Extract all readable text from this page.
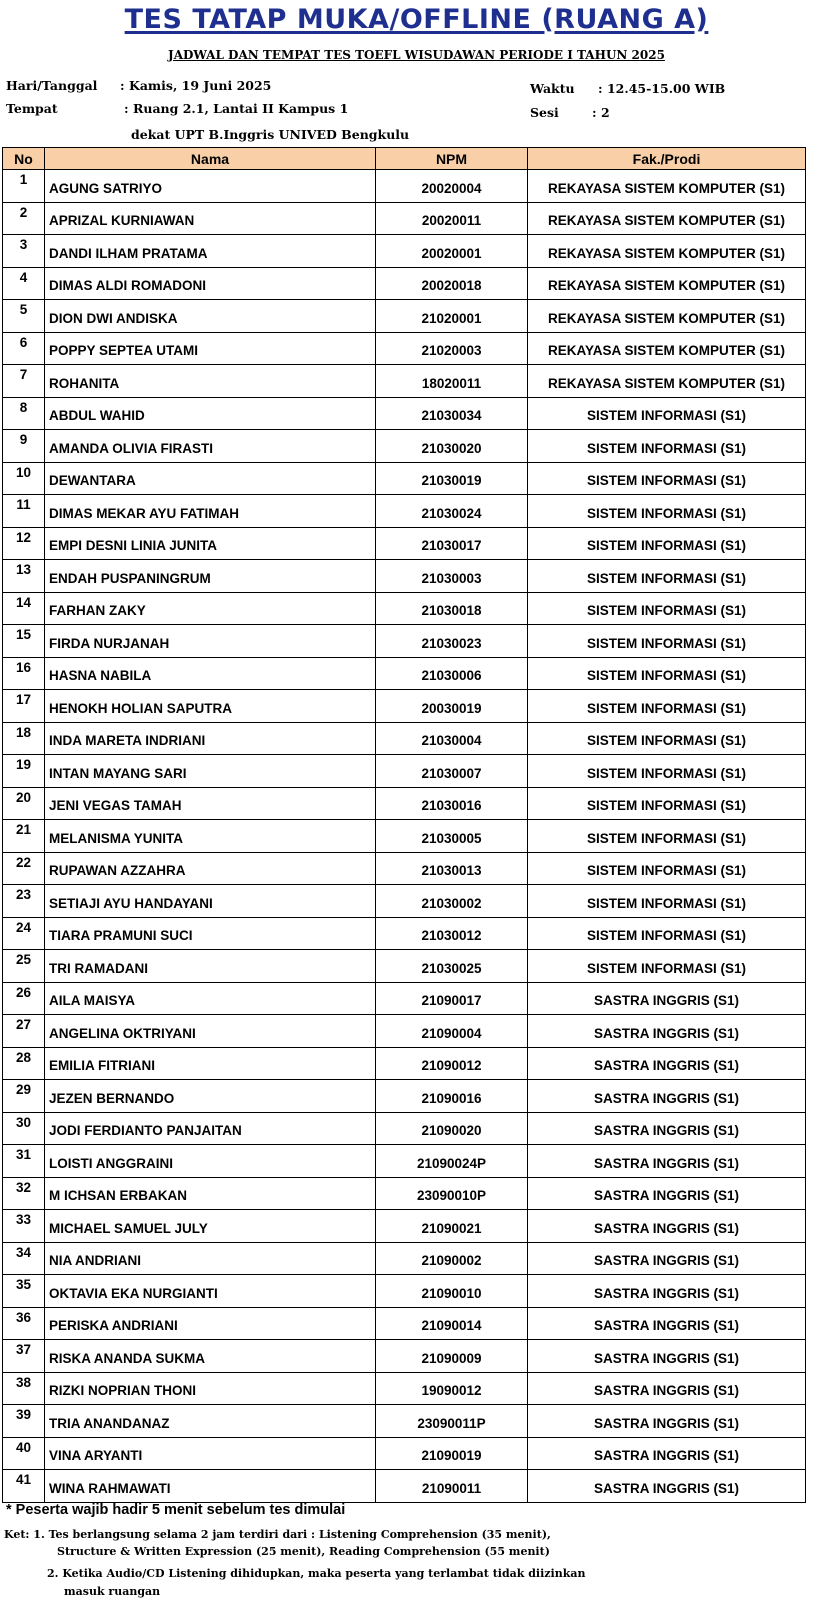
TES TATAP MUKA/OFFLINE (RUANG A)
JADWAL DAN TEMPAT TES TOEFL WISUDAWAN PERIODE I TAHUN 2025
Hari/Tanggal : Kamis, 19 Juni 2025
Tempat	: Ruang 2.1, Lantai II Kampus 1
dekat UPT B.Inggris UNIVED Bengkulu
Waktu : 12.45-15.00 WIB
Sesi	: 2
No	Nama	NPM	Fak./Prodi
1	AGUNG SATRIYO	20020004	REKAYASA SISTEM KOMPUTER (S1)
2	APRIZAL KURNIAWAN	20020011	REKAYASA SISTEM KOMPUTER (S1)
3	DANDI ILHAM PRATAMA	20020001	REKAYASA SISTEM KOMPUTER (S1)
4	DIMAS ALDI ROMADONI	20020018	REKAYASA SISTEM KOMPUTER (S1)
5	DION DWI ANDISKA	21020001	REKAYASA SISTEM KOMPUTER (S1)
6	POPPY SEPTEA UTAMI	21020003	REKAYASA SISTEM KOMPUTER (S1)
7	ROHANITA	18020011	REKAYASA SISTEM KOMPUTER (S1)
8	ABDUL WAHID	21030034	SISTEM INFORMASI (S1)
9	AMANDA OLIVIA FIRASTI	21030020	SISTEM INFORMASI (S1)
10	DEWANTARA	21030019	SISTEM INFORMASI (S1)
11	DIMAS MEKAR AYU FATIMAH	21030024	SISTEM INFORMASI (S1)
12	EMPI DESNI LINIA JUNITA	21030017	SISTEM INFORMASI (S1)
13	ENDAH PUSPANINGRUM	21030003	SISTEM INFORMASI (S1)
14	FARHAN ZAKY	21030018	SISTEM INFORMASI (S1)
15	FIRDA NURJANAH	21030023	SISTEM INFORMASI (S1)
16	HASNA NABILA	21030006	SISTEM INFORMASI (S1)
17	HENOKH HOLIAN SAPUTRA	20030019	SISTEM INFORMASI (S1)
18	INDA MARETA INDRIANI	21030004	SISTEM INFORMASI (S1)
19	INTAN MAYANG SARI	21030007	SISTEM INFORMASI (S1)
20	JENI VEGAS TAMAH	21030016	SISTEM INFORMASI (S1)
21	MELANISMA YUNITA	21030005	SISTEM INFORMASI (S1)
22	RUPAWAN AZZAHRA	21030013	SISTEM INFORMASI (S1)
23	SETIAJI AYU HANDAYANI	21030002	SISTEM INFORMASI (S1)
24	TIARA PRAMUNI SUCI	21030012	SISTEM INFORMASI (S1)
25	TRI RAMADANI	21030025	SISTEM INFORMASI (S1)
26	AILA MAISYA	21090017	SASTRA INGGRIS (S1)
27	ANGELINA OKTRIYANI	21090004	SASTRA INGGRIS (S1)
28	EMILIA FITRIANI	21090012	SASTRA INGGRIS (S1)
29	JEZEN BERNANDO	21090016	SASTRA INGGRIS (S1)
30	JODI FERDIANTO PANJAITAN	21090020	SASTRA INGGRIS (S1)
31	LOISTI ANGGRAINI	21090024P	SASTRA INGGRIS (S1)
32	M ICHSAN ERBAKAN	23090010P	SASTRA INGGRIS (S1)
33	MICHAEL SAMUEL JULY	21090021	SASTRA INGGRIS (S1)
34	NIA ANDRIANI	21090002	SASTRA INGGRIS (S1)
35	OKTAVIA EKA NURGIANTI	21090010	SASTRA INGGRIS (S1)
36	PERISKA ANDRIANI	21090014	SASTRA INGGRIS (S1)
37	RISKA ANANDA SUKMA	21090009	SASTRA INGGRIS (S1)
38	RIZKI NOPRIAN THONI	19090012	SASTRA INGGRIS (S1)
39	TRIA ANANDANAZ	23090011P	SASTRA INGGRIS (S1)
40	VINA ARYANTI	21090019	SASTRA INGGRIS (S1)
41	WINA RAHMAWATI	21090011	SASTRA INGGRIS (S1)
* Peserta wajib hadir 5 menit sebelum tes dimulai
Ket: 1. Tes berlangsung selama 2 jam terdiri dari : Listening Comprehension (35 menit),
Structure & Written Expression (25 menit), Reading Comprehension (55 menit)
2. Ketika Audio/CD Listening dihidupkan, maka peserta yang terlambat tidak diizinkan
masuk ruangan
